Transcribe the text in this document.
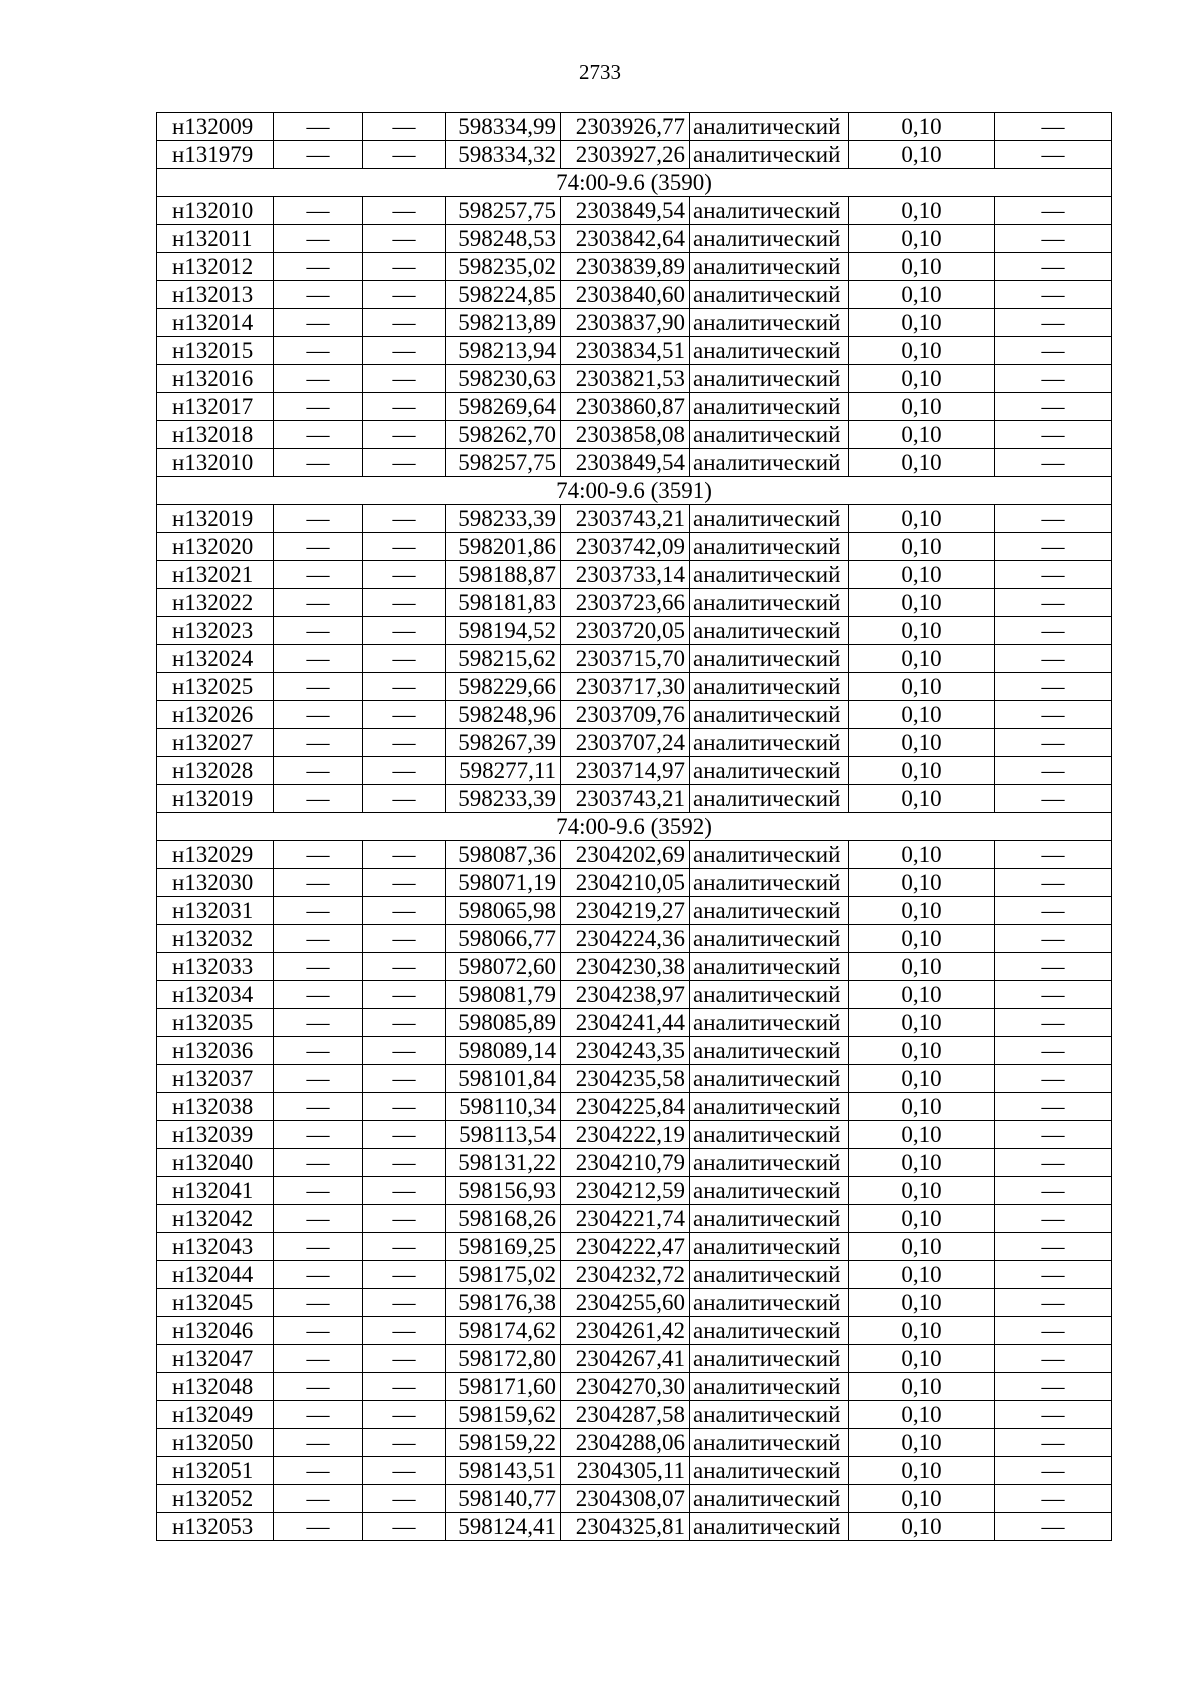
2733
н132009	—	—	598334,99	2303926,77	аналитический	0,10	—
н131979	—	—	598334,32	2303927,26	аналитический	0,10	—
74:00-9.6 (3590)							
н132010	—	—	598257,75	2303849,54	аналитический	0,10	—
н132011	—	—	598248,53	2303842,64	аналитический	0,10	—
н132012	—	—	598235,02	2303839,89	аналитический	0,10	—
н132013	—	—	598224,85	2303840,60	аналитический	0,10	—
н132014	—	—	598213,89	2303837,90	аналитический	0,10	—
н132015	—	—	598213,94	2303834,51	аналитический	0,10	—
н132016	—	—	598230,63	2303821,53	аналитический	0,10	—
н132017	—	—	598269,64	2303860,87	аналитический	0,10	—
н132018	—	—	598262,70	2303858,08	аналитический	0,10	—
н132010	—	—	598257,75	2303849,54	аналитический	0,10	—
74:00-9.6 (3591)							
н132019	—	—	598233,39	2303743,21	аналитический	0,10	—
н132020	—	—	598201,86	2303742,09	аналитический	0,10	—
н132021	—	—	598188,87	2303733,14	аналитический	0,10	—
н132022	—	—	598181,83	2303723,66	аналитический	0,10	—
н132023	—	—	598194,52	2303720,05	аналитический	0,10	—
н132024	—	—	598215,62	2303715,70	аналитический	0,10	—
н132025	—	—	598229,66	2303717,30	аналитический	0,10	—
н132026	—	—	598248,96	2303709,76	аналитический	0,10	—
н132027	—	—	598267,39	2303707,24	аналитический	0,10	—
н132028	—	—	598277,11	2303714,97	аналитический	0,10	—
н132019	—	—	598233,39	2303743,21	аналитический	0,10	—
74:00-9.6 (3592)							
н132029	—	—	598087,36	2304202,69	аналитический	0,10	—
н132030	—	—	598071,19	2304210,05	аналитический	0,10	—
н132031	—	—	598065,98	2304219,27	аналитический	0,10	—
н132032	—	—	598066,77	2304224,36	аналитический	0,10	—
н132033	—	—	598072,60	2304230,38	аналитический	0,10	—
н132034	—	—	598081,79	2304238,97	аналитический	0,10	—
н132035	—	—	598085,89	2304241,44	аналитический	0,10	—
н132036	—	—	598089,14	2304243,35	аналитический	0,10	—
н132037	—	—	598101,84	2304235,58	аналитический	0,10	—
н132038	—	—	598110,34	2304225,84	аналитический	0,10	—
н132039	—	—	598113,54	2304222,19	аналитический	0,10	—
н132040	—	—	598131,22	2304210,79	аналитический	0,10	—
н132041	—	—	598156,93	2304212,59	аналитический	0,10	—
н132042	—	—	598168,26	2304221,74	аналитический	0,10	—
н132043	—	—	598169,25	2304222,47	аналитический	0,10	—
н132044	—	—	598175,02	2304232,72	аналитический	0,10	—
н132045	—	—	598176,38	2304255,60	аналитический	0,10	—
н132046	—	—	598174,62	2304261,42	аналитический	0,10	—
н132047	—	—	598172,80	2304267,41	аналитический	0,10	—
н132048	—	—	598171,60	2304270,30	аналитический	0,10	—
н132049	—	—	598159,62	2304287,58	аналитический	0,10	—
н132050	—	—	598159,22	2304288,06	аналитический	0,10	—
н132051	—	—	598143,51	2304305,11	аналитический	0,10	—
н132052	—	—	598140,77	2304308,07	аналитический	0,10	—
н132053	—	—	598124,41	2304325,81	аналитический	0,10	—
